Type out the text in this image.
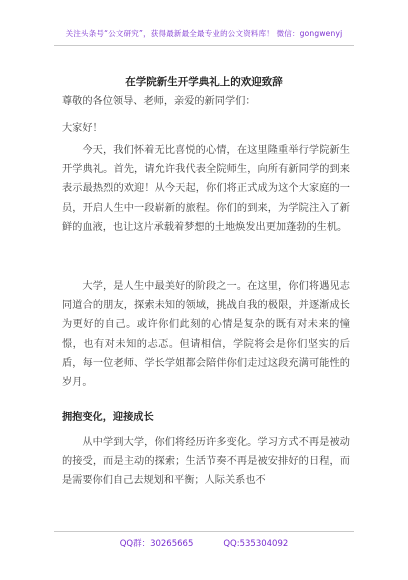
关注头条号“公文研究”，获得最新最全最专业的公文资料库！ 微信：gongwenyj
在学院新生开学典礼上的欢迎致辞

尊敬的各位领导、老师，亲爱的新同学们：

大家好！

今天，我们怀着无比喜悦的心情，在这里隆重举行学院新生开学典礼。首先，请允许我代表全院师生，向所有新同学的到来表示最热烈的欢迎！从今天起，你们将正式成为这个大家庭的一员，开启人生中一段崭新的旅程。你们的到来，为学院注入了新鲜的血液，也让这片承载着梦想的土地焕发出更加蓬勃的生机。

大学，是人生中最美好的阶段之一。在这里，你们将遇见志同道合的朋友，探索未知的领域，挑战自我的极限，并逐渐成长为更好的自己。或许你们此刻的心情是复杂的既有对未来的憧憬，也有对未知的忐忑。但请相信，学院将会是你们坚实的后盾，每一位老师、学长学姐都会陪伴你们走过这段充满可能性的岁月。

拥抱变化，迎接成长

从中学到大学，你们将经历许多变化。学习方式不再是被动的接受，而是主动的探索；生活节奏不再是被安排好的日程，而是需要你们自己去规划和平衡；人际关系也不

QQ群：30265665	QQ:535304092
